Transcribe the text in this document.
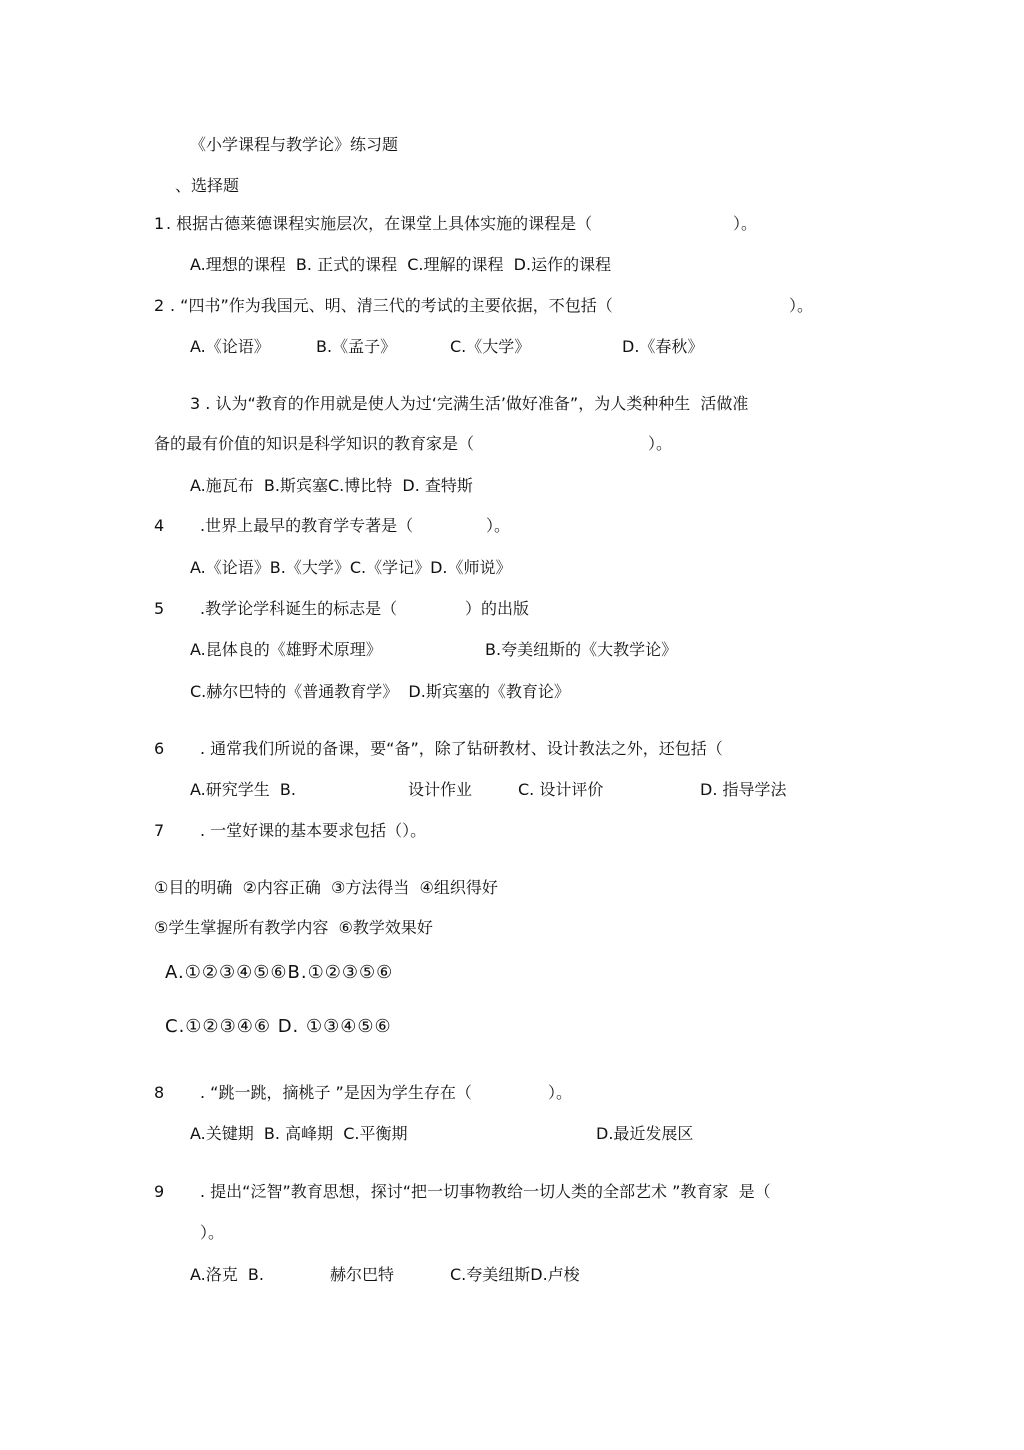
《小学课程与教学论》练习题
、选择题
1 . 根据古德莱德课程实施层次，在课堂上具体实施的课程是（	）。
A.理想的课程  B. 正式的课程  C.理解的课程  D.运作的课程
2 . “四书”作为我国元、明、清三代的考试的主要依据，不包括（	）。
A.《论语》	B.《孟子》	C.《大学》	D.《春秋》
3 . 认为“教育的作用就是使人为过‘完满生活’做好准备”，为人类种种生  活做准
备的最有价值的知识是科学知识的教育家是（	）。
A.施瓦布  B.斯宾塞C.博比特  D. 查特斯
4 .世界上最早的教育学专著是（	）。
A.《论语》B.《大学》C.《学记》D.《师说》
5 .教学论学科诞生的标志是（	）的出版
A.昆体良的《雄野术原理》	B.夸美纽斯的《大教学论》
C.赫尔巴特的《普通教育学》  D.斯宾塞的《教育论》
6 . 通常我们所说的备课，要“备”，除了钻研教材、设计教法之外，还包括（
A.研究学生  B.	设计作业	C. 设计评价	D. 指导学法
7 . 一堂好课的基本要求包括（）。
①目的明确  ②内容正确  ③方法得当  ④组织得好
⑤学生掌握所有教学内容  ⑥教学效果好
A.①②③④⑤⑥B.①②③⑤⑥
C.①②③④⑥ D. ①③④⑤⑥
8 . “跳一跳，摘桃子 ”是因为学生存在（	）。
A.关键期  B. 高峰期  C.平衡期	D.最近发展区
9 . 提出“泛智”教育思想，探讨“把一切事物教给一切人类的全部艺术 ”教育家  是（
）。
A.洛克  B.	赫尔巴特	C.夸美纽斯D.卢梭
